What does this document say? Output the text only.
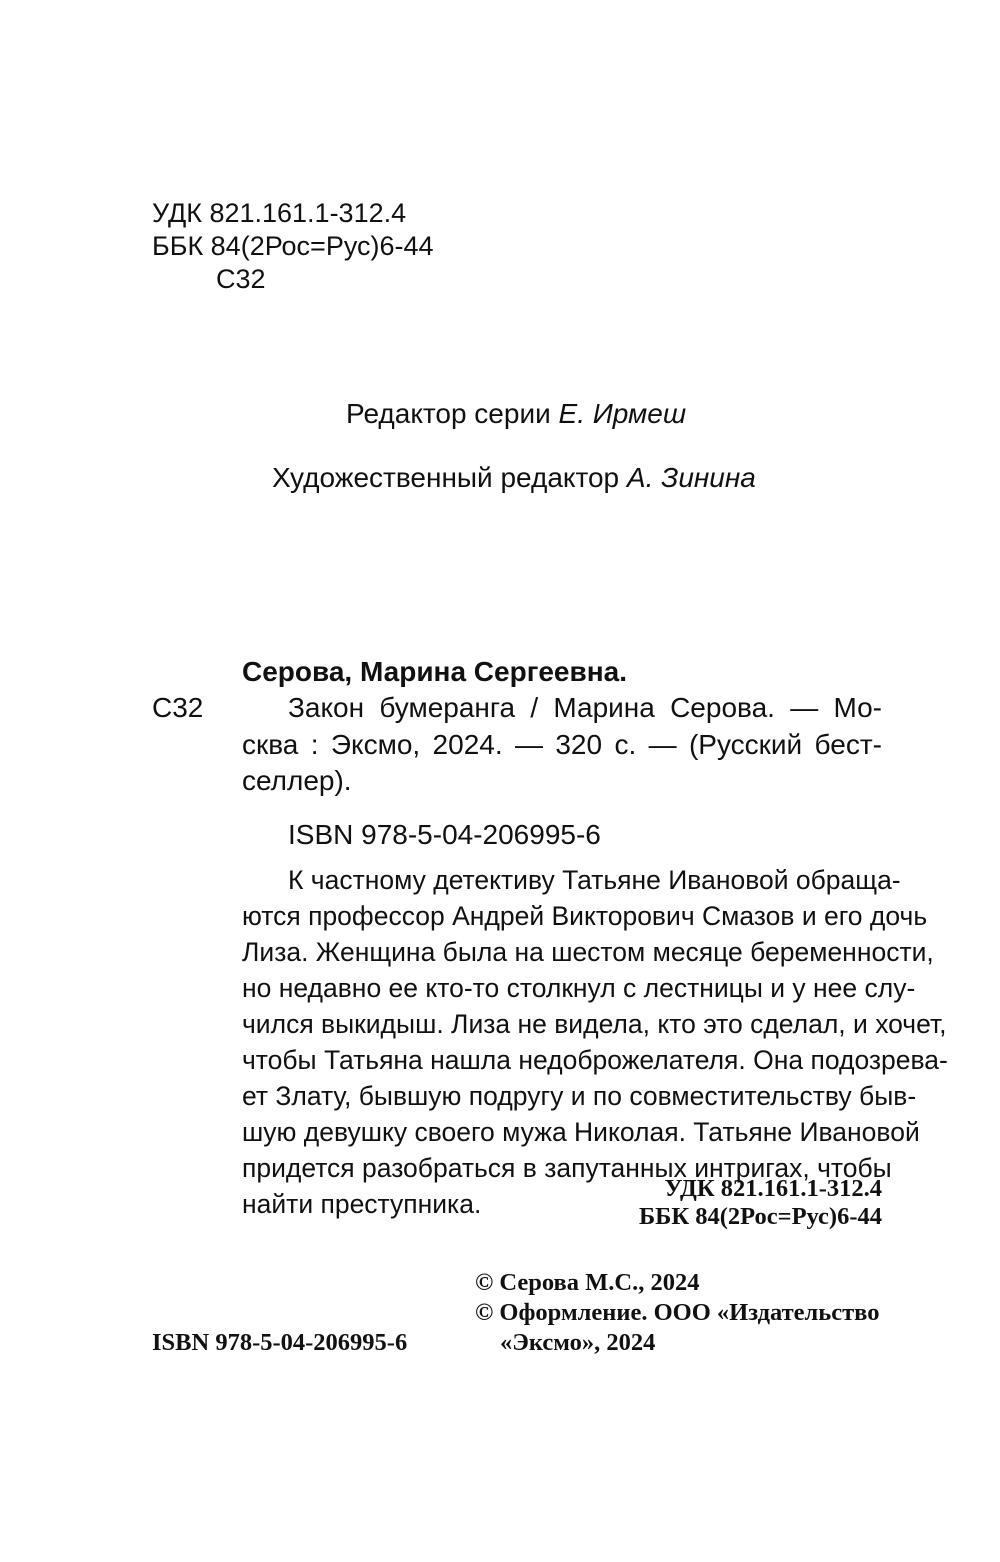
УДК 821.161.1-312.4
ББК 84(2Рос=Рус)6-44
С32
Редактор серии Е. Ирмеш
Художественный редактор А. Зинина
Серова, Марина Сергеевна.
С32	Закон бумеранга / Марина Серова. — Мо-
сква : Эксмо, 2024. — 320 с. — (Русский бест-
селлер).
ISBN 978-5-04-206995-6
К частному детективу Татьяне Ивановой обраща-
ются профессор Андрей Викторович Смазов и его дочь
Лиза. Женщина была на шестом месяце беременности,
но недавно ее кто-то столкнул с лестницы и у нее слу-
чился выкидыш. Лиза не видела, кто это сделал, и хочет,
чтобы Татьяна нашла недоброжелателя. Она подозрева-
ет Злату, бывшую подругу и по совместительству быв-
шую девушку своего мужа Николая. Татьяне Ивановой
придется разобраться в запутанных интригах, чтобы
найти преступника.
УДК 821.161.1-312.4
ББК 84(2Рос=Рус)6-44
© Серова М.С., 2024
© Оформление. ООО «Издательство
ISBN 978-5-04-206995-6	«Эксмо», 2024
